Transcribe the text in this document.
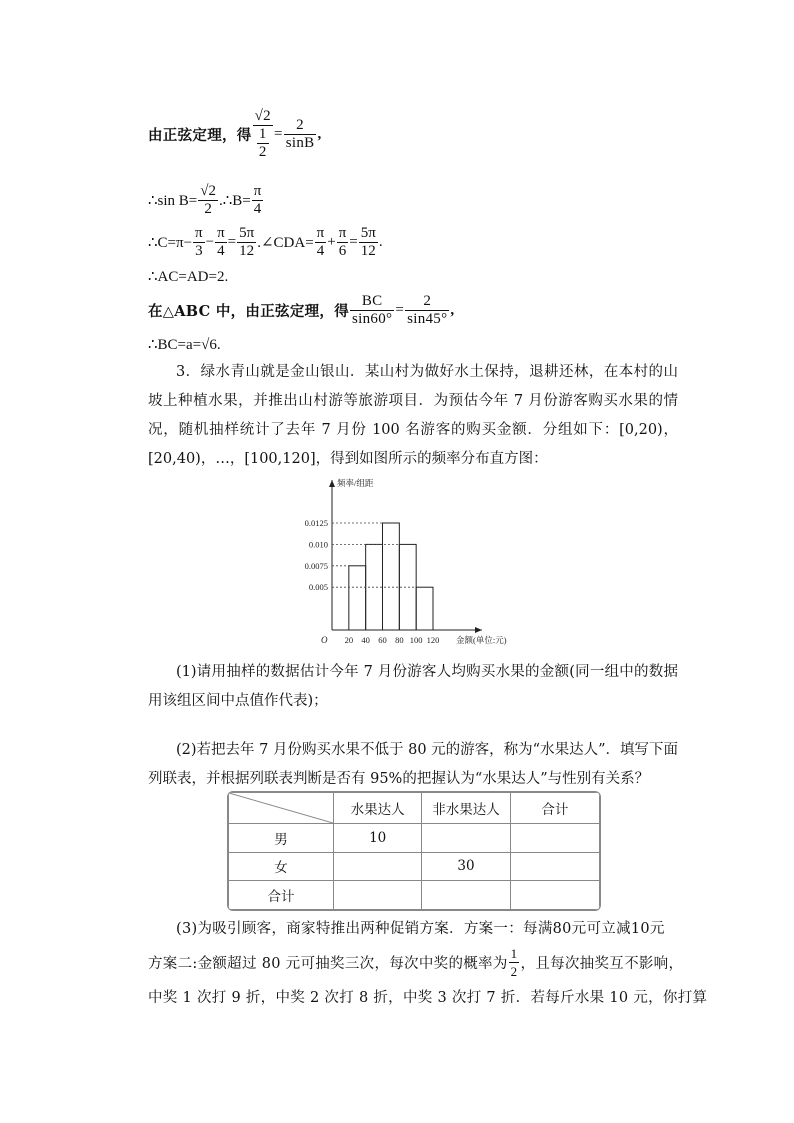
由正弦定理，得 $\frac{√2}{\frac{1}{2}} = \frac{2}{\sin B}$ ,
∴sin $B= \frac{√2}{2}$ .∴B= $\frac{\pi}{4}$
∴C=π− $\frac{\pi}{3} - \frac{\pi}{4} = \frac{5\pi}{12}$ .∠CDA= $\frac{\pi}{4} + \frac{\pi}{6} = \frac{5\pi}{12}$ .
∴AC=AD=2.
在△ABC 中，由正弦定理，得 $\frac{BC}{\sin 60^\circ} = \frac{2}{\sin 45^\circ}$ ,
∴BC=a=√6.
3．绿水青山就是金山银山．某山村为做好水土保持，退耕还林，在本村的山坡上种植水果，并推出山村游等旅游项目．为预估今年 7 月份游客购买水果的情况，随机抽样统计了去年 7 月份 100 名游客的购买金额．分组如下：[0,20)，[20,40)，…，[100,120]，得到如图所示的频率分布直方图：
频率/组距
金额(单位:元)
O
0.005
0.0075
0.010
0.0125
20 40 60 80 100 120
(1)请用抽样的数据估计今年 7 月份游客人均购买水果的金额(同一组中的数据用该组区间中点值作代表)；
(2)若把去年 7 月份购买水果不低于 80 元的游客，称为“水果达人”．填写下面列联表，并根据列联表判断是否有 95%的把握认为“水果达人”与性别有关系？
	水果达人	非水果达人	合计
男	10		
女		30	
合计			
(3)为吸引顾客，商家特推出两种促销方案．方案一：每满80元可立减10元
方案二:金额超过 80 元可抽奖三次，每次中奖的概率为 $\frac{1}{2}$ ，且每次抽奖互不影响，
中奖 1 次打 9 折，中奖 2 次打 8 折，中奖 3 次打 7 折．若每斤水果 10 元，你打算
